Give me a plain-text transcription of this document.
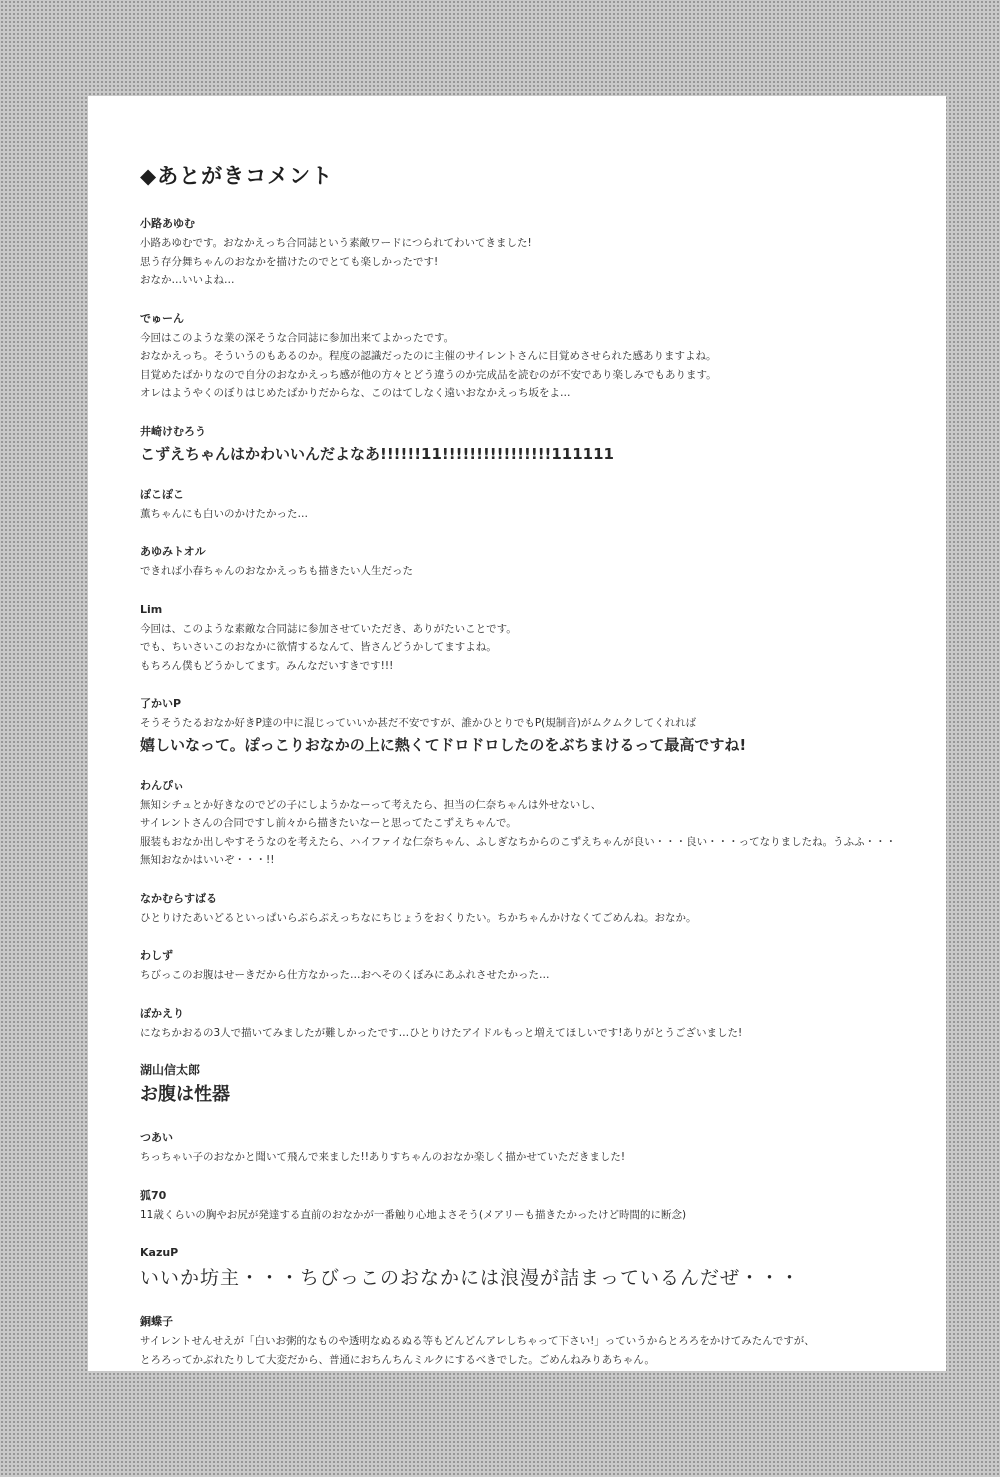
◆あとがきコメント
小路あゆむ
小路あゆむです。おなかえっち合同誌という素敵ワードにつられてわいてきました!
思う存分舞ちゃんのおなかを描けたのでとても楽しかったです!
おなか…いいよね…
でゅーん
今回はこのような業の深そうな合同誌に参加出来てよかったです。
おなかえっち。そういうのもあるのか。程度の認識だったのに主催のサイレントさんに目覚めさせられた感ありますよね。
目覚めたばかりなので自分のおなかえっち感が他の方々とどう違うのか完成品を読むのが不安であり楽しみでもあります。
オレはようやくのぼりはじめたばかりだからな、このはてしなく遠いおなかえっち坂をよ…
井崎けむろう
こずえちゃんはかわいいんだよなあ!!!!!!11!!!!!!!!!!!!!!!!111111
ぽこぽこ
薫ちゃんにも白いのかけたかった…
あゆみトオル
できれば小春ちゃんのおなかえっちも描きたい人生だった
Lim
今回は、このような素敵な合同誌に参加させていただき、ありがたいことです。
でも、ちいさいこのおなかに欲情するなんて、皆さんどうかしてますよね。
もちろん僕もどうかしてます。みんなだいすきです!!!
了かいP
そうそうたるおなか好きP達の中に混じっていいか甚だ不安ですが、誰かひとりでもP(規制音)がムクムクしてくれれば
嬉しいなって。ぽっこりおなかの上に熱くてドロドロしたのをぶちまけるって最高ですね!
わんぴぃ
無知シチュとか好きなのでどの子にしようかなーって考えたら、担当の仁奈ちゃんは外せないし、
サイレントさんの合同ですし前々から描きたいなーと思ってたこずえちゃんで。
服装もおなか出しやすそうなのを考えたら、ハイファイな仁奈ちゃん、ふしぎなちからのこずえちゃんが良い・・・良い・・・ってなりましたね。うふふ・・・
無知おなかはいいぞ・・・!!
なかむらすばる
ひとりけたあいどるといっぱいらぶらぶえっちなにちじょうをおくりたい。ちかちゃんかけなくてごめんね。おなか。
わしず
ちびっこのお腹はせーきだから仕方なかった…おへそのくぼみにあふれさせたかった…
ぽかえり
になちかおるの3人で描いてみましたが難しかったです…ひとりけたアイドルもっと増えてほしいです!ありがとうございました!
湖山信太郎
お腹は性器
つあい
ちっちゃい子のおなかと聞いて飛んで来ました!!ありすちゃんのおなか楽しく描かせていただきました!
狐70
11歳くらいの胸やお尻が発達する直前のおなかが一番触り心地よさそう(メアリーも描きたかったけど時間的に断念)
KazuP
いいか坊主・・・ちびっこのおなかには浪漫が詰まっているんだぜ・・・
銅蝶子
サイレントせんせえが「白いお粥的なものや透明なぬるぬる等もどんどんアレしちゃって下さい!」っていうからとろろをかけてみたんですが、
とろろってかぶれたりして大変だから、普通におちんちんミルクにするべきでした。ごめんねみりあちゃん。
